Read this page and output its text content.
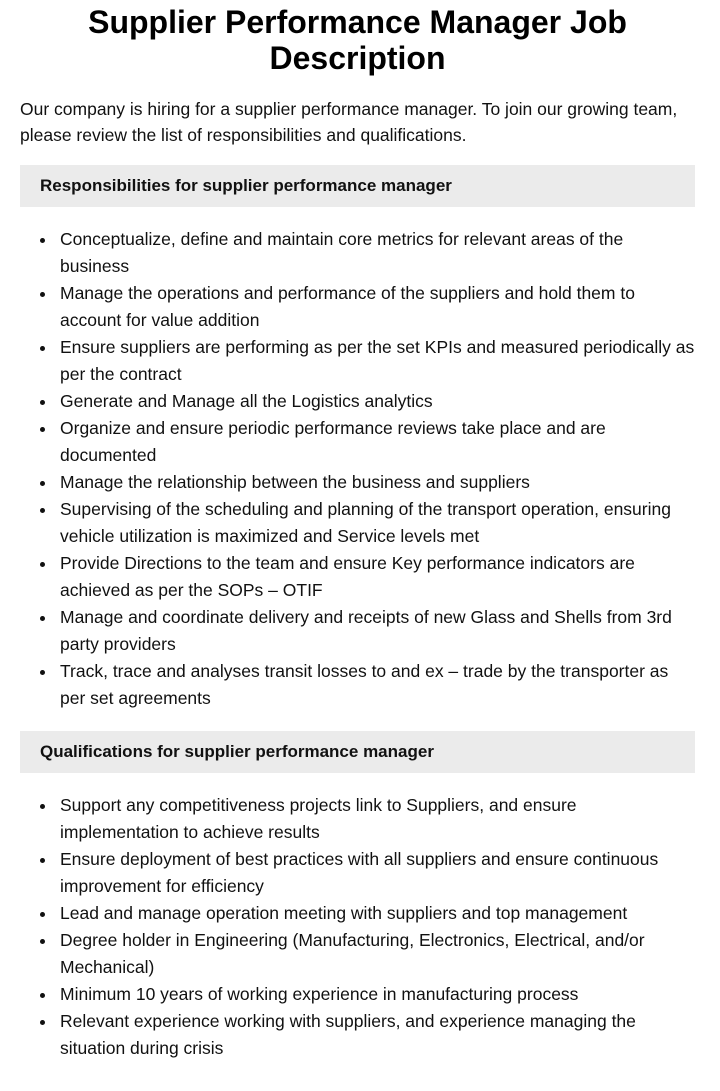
Supplier Performance Manager Job Description

Our company is hiring for a supplier performance manager. To join our growing team, please review the list of responsibilities and qualifications.

Responsibilities for supplier performance manager
Conceptualize, define and maintain core metrics for relevant areas of the business
Manage the operations and performance of the suppliers and hold them to account for value addition
Ensure suppliers are performing as per the set KPIs and measured periodically as per the contract
Generate and Manage all the Logistics analytics
Organize and ensure periodic performance reviews take place and are documented
Manage the relationship between the business and suppliers
Supervising of the scheduling and planning of the transport operation, ensuring vehicle utilization is maximized and Service levels met
Provide Directions to the team and ensure Key performance indicators are achieved as per the SOPs – OTIF
Manage and coordinate delivery and receipts of new Glass and Shells from 3rd party providers
Track, trace and analyses transit losses to and ex – trade by the transporter as per set agreements
Qualifications for supplier performance manager
Support any competitiveness projects link to Suppliers, and ensure implementation to achieve results
Ensure deployment of best practices with all suppliers and ensure continuous improvement for efficiency
Lead and manage operation meeting with suppliers and top management
Degree holder in Engineering (Manufacturing, Electronics, Electrical, and/or Mechanical)
Minimum 10 years of working experience in manufacturing process
Relevant experience working with suppliers, and experience managing the situation during crisis
